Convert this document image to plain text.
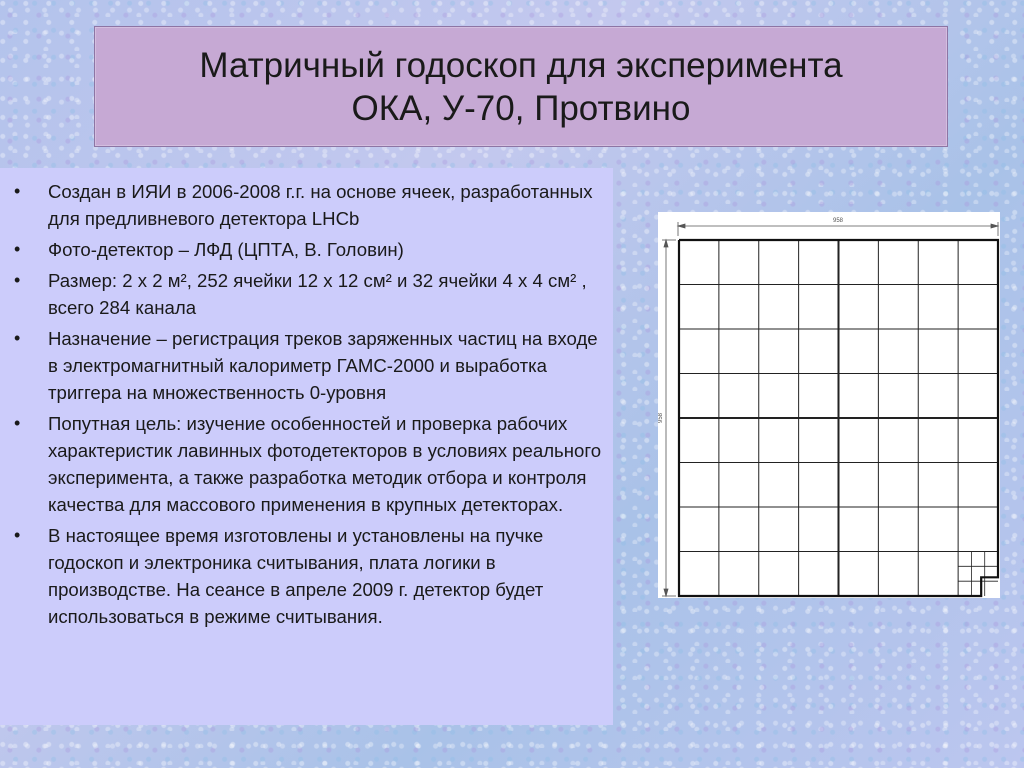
Матричный годоскоп для эксперимента
ОКА, У-70, Протвино
• Создан в ИЯИ в 2006-2008 г.г. на основе ячеек, разработанных для предливневого детектора LHCb
• Фото-детектор – ЛФД (ЦПТА, В. Головин)
• Размер: 2 х 2 м², 252 ячейки 12 х 12 см² и 32 ячейки 4 х 4 см² , всего 284 канала
• Назначение – регистрация треков заряженных частиц на входе в электромагнитный калориметр ГАМС-2000 и выработка триггера на множественность 0-уровня
• Попутная цель: изучение особенностей и проверка рабочих характеристик лавинных фотодетекторов в условиях реального эксперимента, а также разработка методик отбора и контроля качества для массового применения в крупных детекторах.
• В настоящее время изготовлены и установлены на пучке годоскоп и электроника считывания, плата логики в производстве. На сеансе в апреле 2009 г. детектор будет использоваться в режиме считывания.
958
958
